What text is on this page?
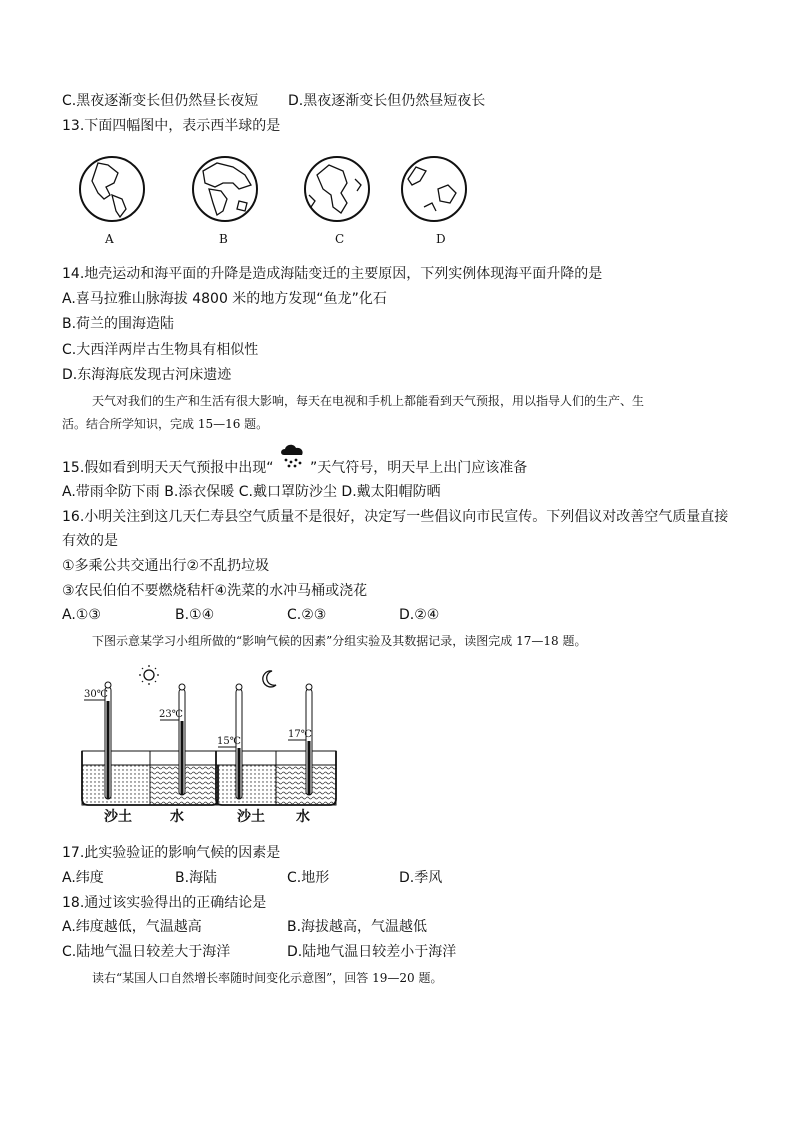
C.黑夜逐渐变长但仍然昼长夜短 D.黑夜逐渐变长但仍然昼短夜长
13.下面四幅图中，表示西半球的是
A	B	C	D
14.地壳运动和海平面的升降是造成海陆变迁的主要原因，下列实例体现海平面升降的是
A.喜马拉雅山脉海拔 4800 米的地方发现“鱼龙”化石
B.荷兰的围海造陆
C.大西洋两岸古生物具有相似性
D.东海海底发现古河床遗迹
天气对我们的生产和生活有很大影响，每天在电视和手机上都能看到天气预报，用以指导人们的生产、生
活。结合所学知识，完成 15—16 题。
15.假如看到明天天气预报中出现“	”天气符号，明天早上出门应该准备
A.带雨伞防下雨 B.添衣保暖 C.戴口罩防沙尘 D.戴太阳帽防晒
16.小明关注到这几天仁寿县空气质量不是很好，决定写一些倡议向市民宣传。下列倡议对改善空气质量直接
有效的是
①多乘公共交通出行②不乱扔垃圾
③农民伯伯不要燃烧秸杆④洗菜的水冲马桶或浇花
A.①③	B.①④	C.②③	D.②④
下图示意某学习小组所做的“影响气候的因素”分组实验及其数据记录，读图完成 17—18 题。
30℃
23℃
15℃
17℃
沙土	水	沙土 水
17.此实验验证的影响气候的因素是
A.纬度	B.海陆	C.地形	D.季风
18.通过该实验得出的正确结论是
A.纬度越低，气温越高	B.海拔越高，气温越低
C.陆地气温日较差大于海洋	D.陆地气温日较差小于海洋
读右“某国人口自然增长率随时间变化示意图”，回答 19—20 题。
